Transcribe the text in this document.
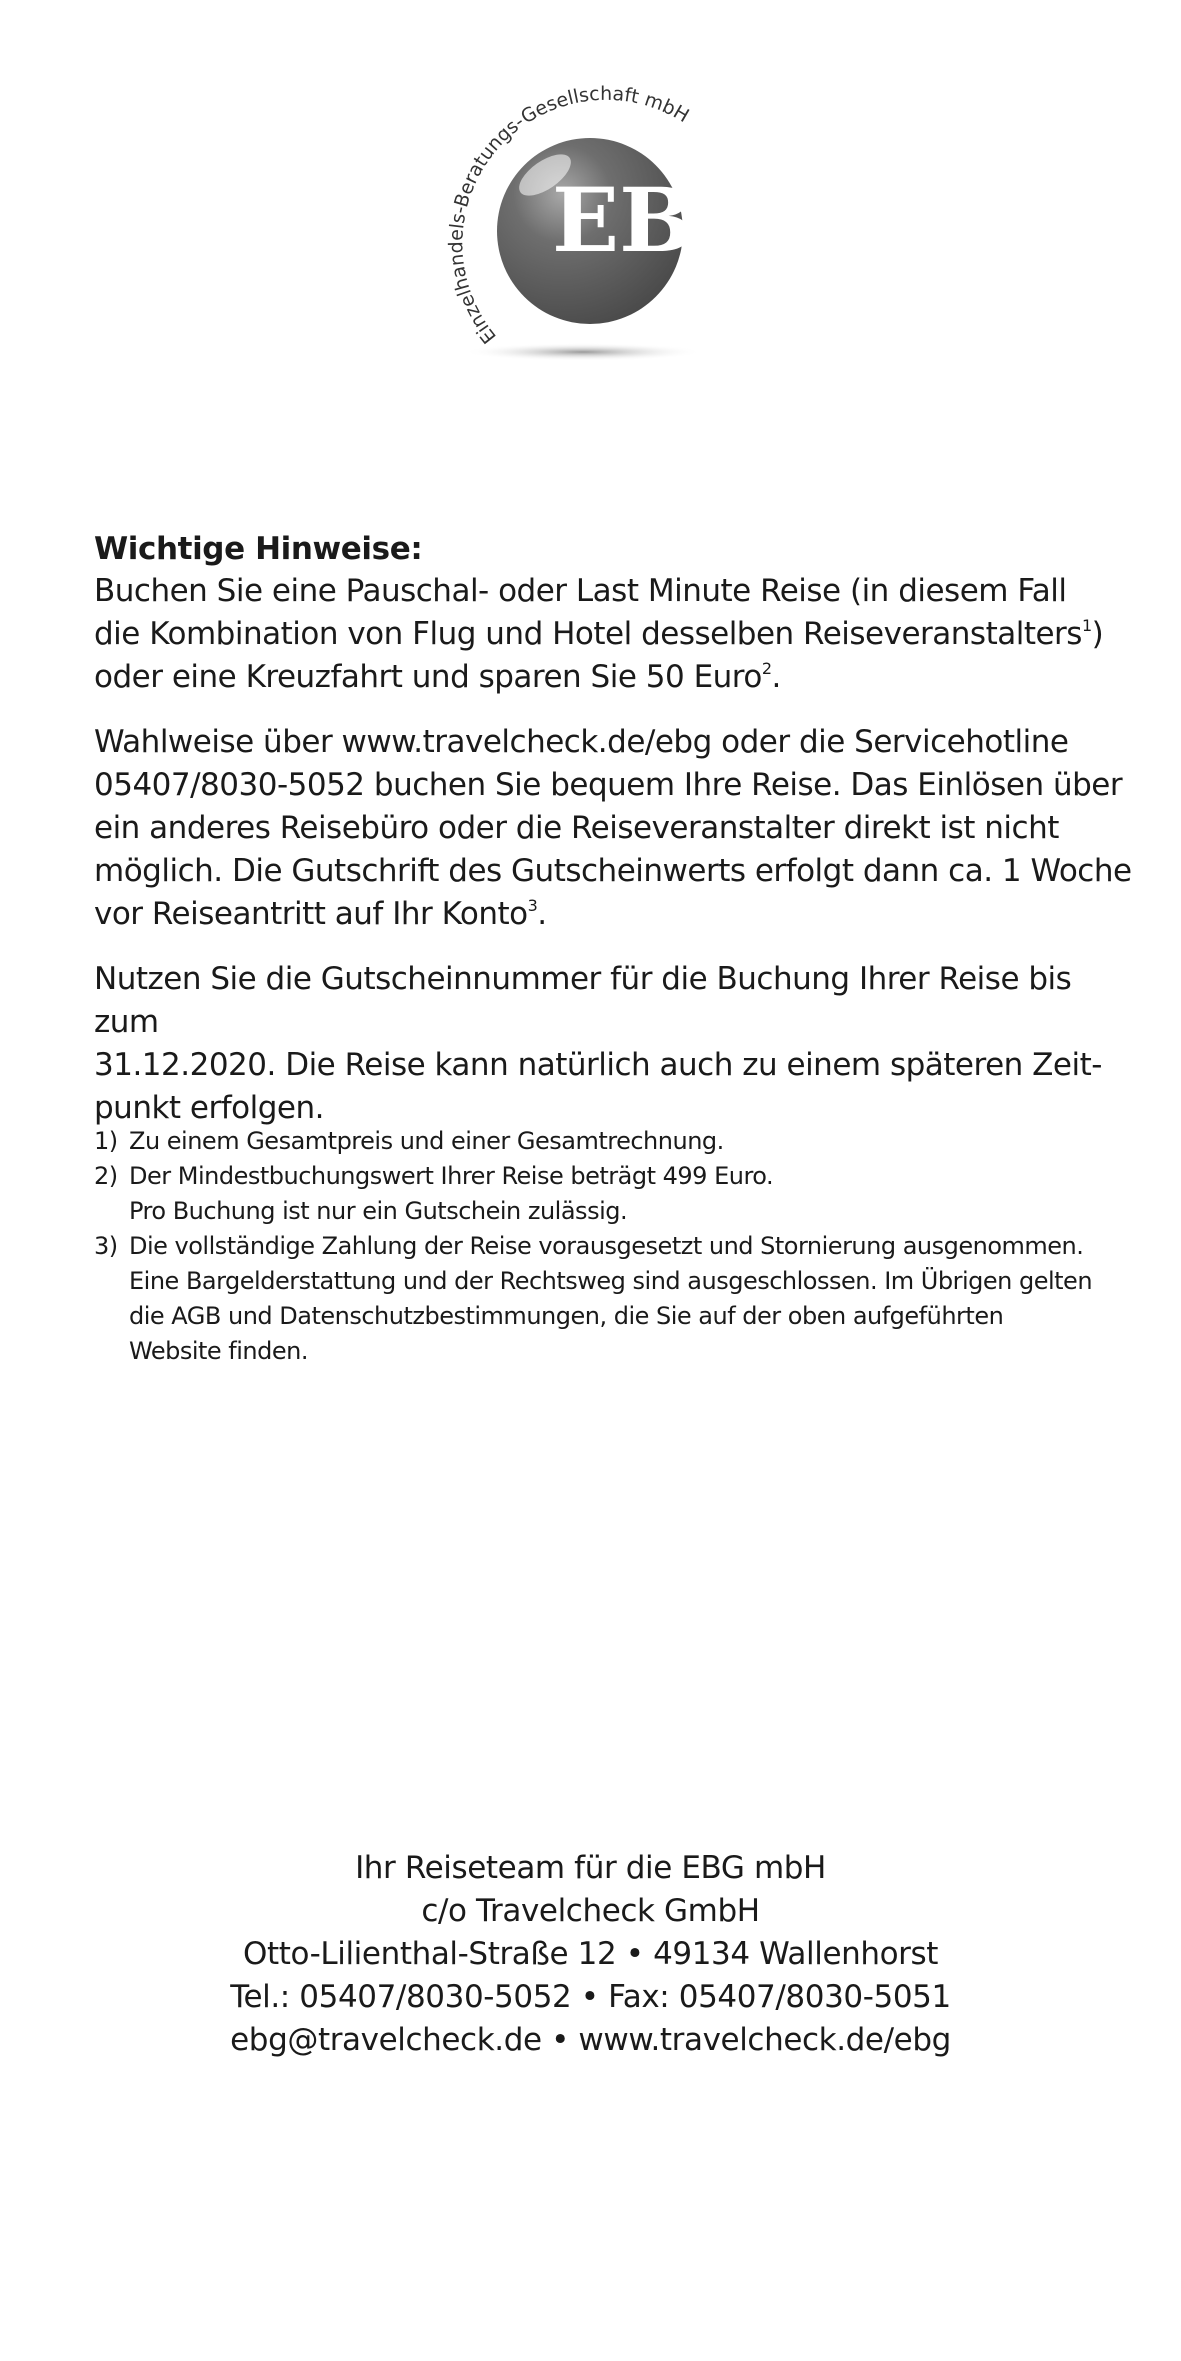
EBG
Einzelhandels-Beratungs-Gesellschaft mbH

Wichtige Hinweise:

Buchen Sie eine Pauschal- oder Last Minute Reise (in diesem Fall
die Kombination von Flug und Hotel desselben Reiseveranstalters$^1$)
oder eine Kreuzfahrt und sparen Sie 50 Euro$^2$.

Wahlweise über www.travelcheck.de/ebg oder die Servicehotline
05407/8030-5052 buchen Sie bequem Ihre Reise. Das Einlösen über
ein anderes Reisebüro oder die Reiseveranstalter direkt ist nicht
möglich. Die Gutschrift des Gutscheinwerts erfolgt dann ca. 1 Woche
vor Reiseantritt auf Ihr Konto$^3$.

Nutzen Sie die Gutscheinnummer für die Buchung Ihrer Reise bis zum
31.12.2020. Die Reise kann natürlich auch zu einem späteren Zeit-
punkt erfolgen.

1) Zu einem Gesamtpreis und einer Gesamtrechnung.
2) Der Mindestbuchungswert Ihrer Reise beträgt 499 Euro.
Pro Buchung ist nur ein Gutschein zulässig.
3) Die vollständige Zahlung der Reise vorausgesetzt und Stornierung ausgenommen.
Eine Bargelderstattung und der Rechtsweg sind ausgeschlossen. Im Übrigen gelten
die AGB und Datenschutzbestimmungen, die Sie auf der oben aufgeführten
Website finden.
Ihr Reiseteam für die EBG mbH
c/o Travelcheck GmbH
Otto-Lilienthal-Straße 12 • 49134 Wallenhorst
Tel.: 05407/8030-5052 • Fax: 05407/8030-5051
ebg@travelcheck.de • www.travelcheck.de/ebg
